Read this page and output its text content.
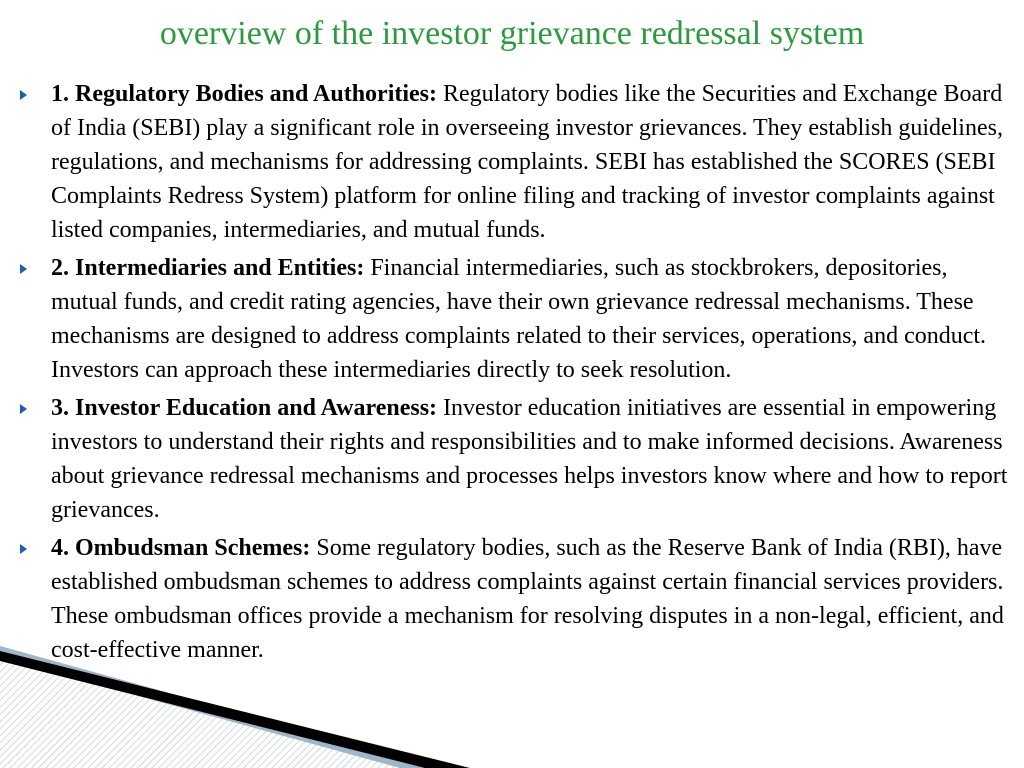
overview of the investor grievance redressal system
1. Regulatory Bodies and Authorities: Regulatory bodies like the Securities and Exchange Board of India (SEBI) play a significant role in overseeing investor grievances. They establish guidelines, regulations, and mechanisms for addressing complaints. SEBI has established the SCORES (SEBI Complaints Redress System) platform for online filing and tracking of investor complaints against listed companies, intermediaries, and mutual funds.
2. Intermediaries and Entities: Financial intermediaries, such as stockbrokers, depositories, mutual funds, and credit rating agencies, have their own grievance redressal mechanisms. These mechanisms are designed to address complaints related to their services, operations, and conduct. Investors can approach these intermediaries directly to seek resolution.
3. Investor Education and Awareness: Investor education initiatives are essential in empowering investors to understand their rights and responsibilities and to make informed decisions. Awareness about grievance redressal mechanisms and processes helps investors know where and how to report grievances.
4. Ombudsman Schemes: Some regulatory bodies, such as the Reserve Bank of India (RBI), have established ombudsman schemes to address complaints against certain financial services providers. These ombudsman offices provide a mechanism for resolving disputes in a non-legal, efficient, and cost-effective manner.
